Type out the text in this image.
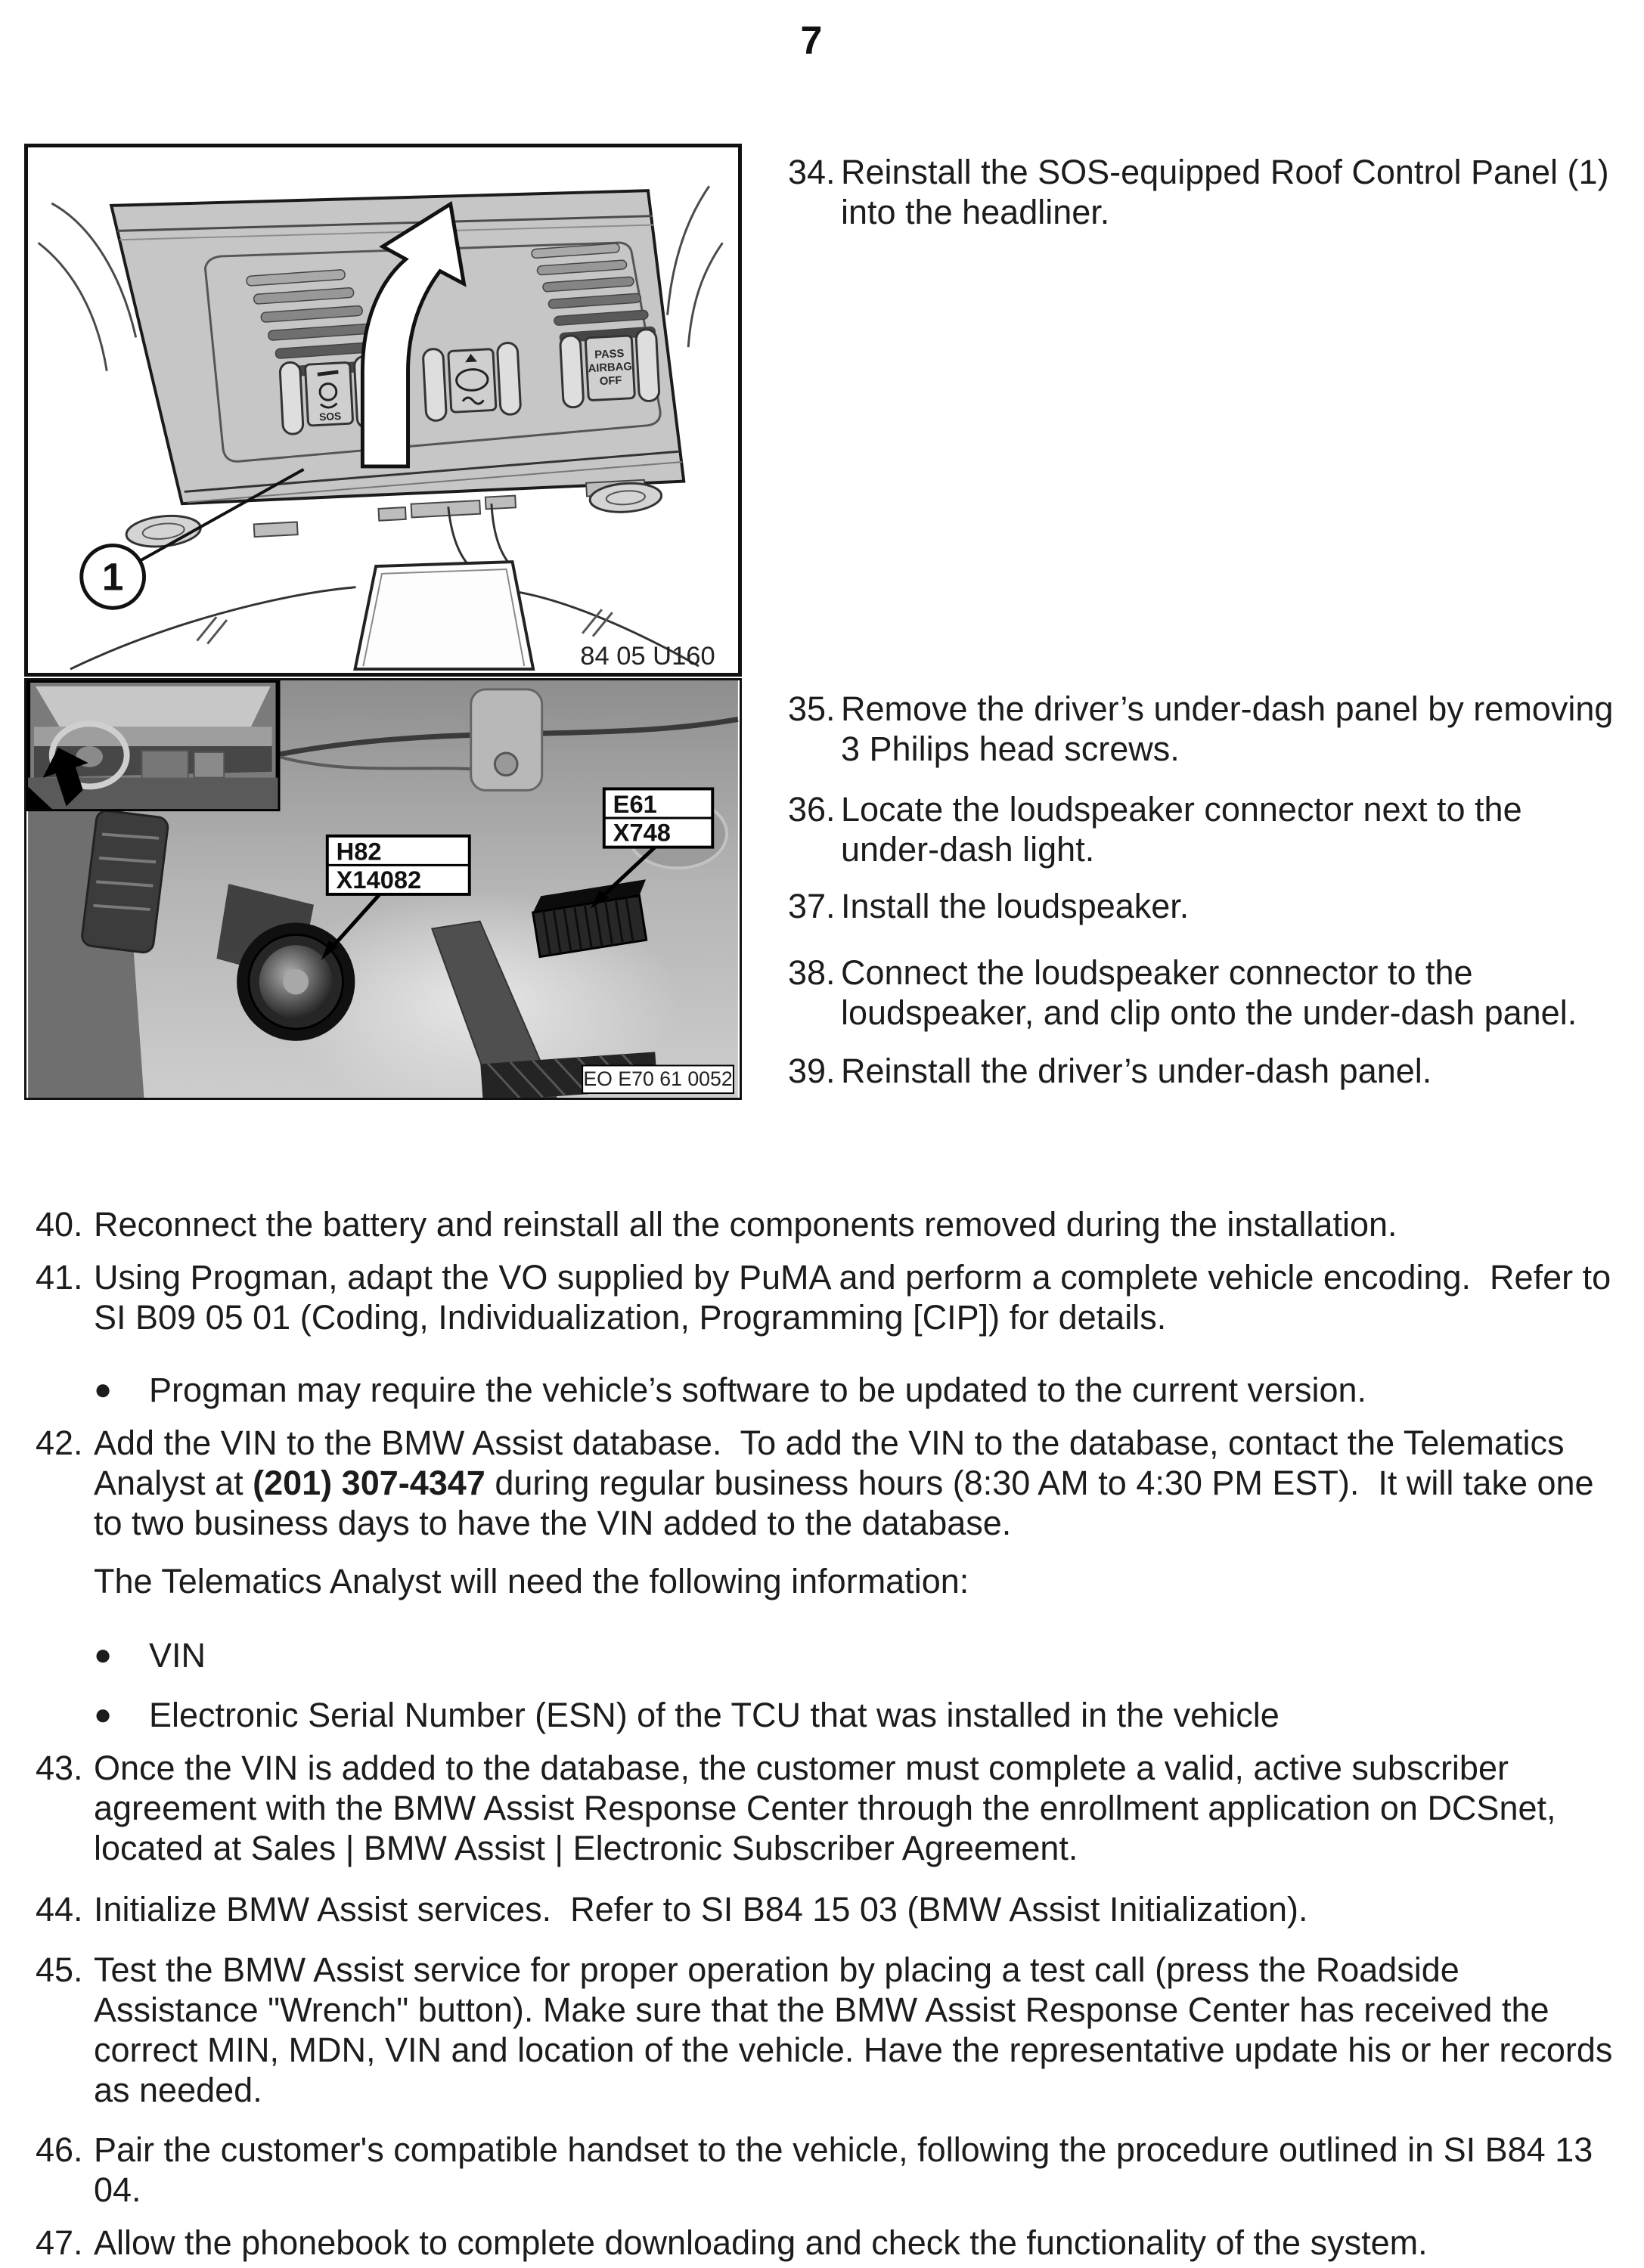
7
SOS
PASS
AIRBAG
OFF
1
84 05 U160
H82
X14082
E61
X748
EO E70 61 0052
34. Reinstall the SOS-equipped Roof Control Panel (1) into the headliner.
35. Remove the driver’s under-dash panel by removing 3 Philips head screws.
36. Locate the loudspeaker connector next to the under-dash light.
37. Install the loudspeaker.
38. Connect the loudspeaker connector to the loudspeaker, and clip onto the under-dash panel.
39. Reinstall the driver’s under-dash panel.
40. Reconnect the battery and reinstall all the components removed during the installation.
41. Using Progman, adapt the VO supplied by PuMA and perform a complete vehicle encoding.  Refer to SI B09 05 01 (Coding, Individualization, Programming [CIP]) for details.
●	Progman may require the vehicle’s software to be updated to the current version.
42. Add the VIN to the BMW Assist database.  To add the VIN to the database, contact the Telematics Analyst at (201) 307-4347 during regular business hours (8:30 AM to 4:30 PM EST).  It will take one to two business days to have the VIN added to the database.
The Telematics Analyst will need the following information:
●	VIN
●	Electronic Serial Number (ESN) of the TCU that was installed in the vehicle
43. Once the VIN is added to the database, the customer must complete a valid, active subscriber agreement with the BMW Assist Response Center through the enrollment application on DCSnet, located at Sales | BMW Assist | Electronic Subscriber Agreement.
44. Initialize BMW Assist services.  Refer to SI B84 15 03 (BMW Assist Initialization).
45. Test the BMW Assist service for proper operation by placing a test call (press the Roadside Assistance "Wrench" button). Make sure that the BMW Assist Response Center has received the correct MIN, MDN, VIN and location of the vehicle. Have the representative update his or her records as needed.
46. Pair the customer's compatible handset to the vehicle, following the procedure outlined in SI B84 13 04.
47. Allow the phonebook to complete downloading and check the functionality of the system.
